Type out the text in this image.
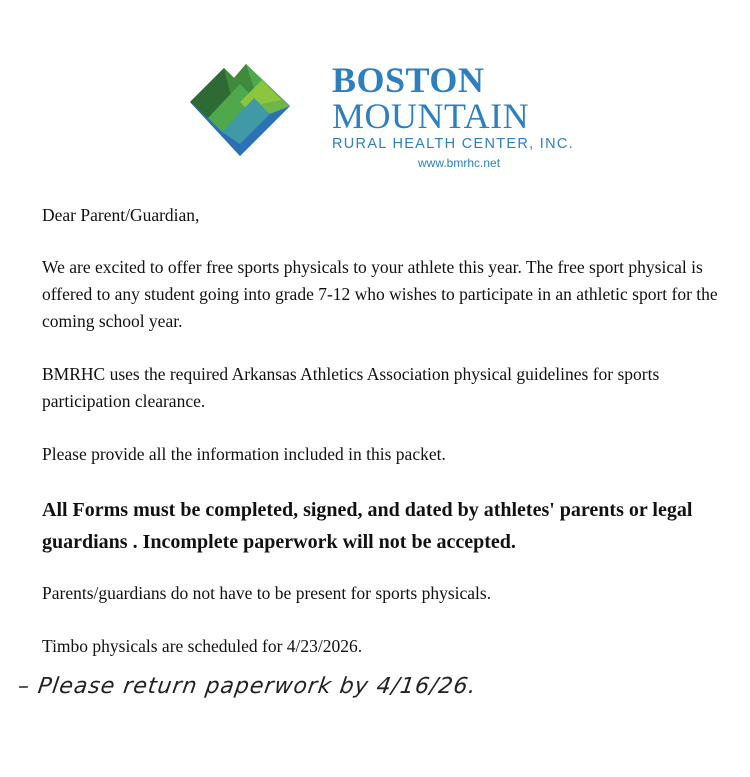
BOSTON
MOUNTAIN
RURAL HEALTH CENTER, INC.
www.bmrhc.net

Dear Parent/Guardian,

We are excited to offer free sports physicals to your athlete this year. The free sport physical is offered to any student going into grade 7-12 who wishes to participate in an athletic sport for the coming school year.

BMRHC uses the required Arkansas Athletics Association physical guidelines for sports participation clearance.

Please provide all the information included in this packet.

All Forms must be completed, signed, and dated by athletes' parents or legal guardians . Incomplete paperwork will not be accepted.

Parents/guardians do not have to be present for sports physicals.

Timbo physicals are scheduled for 4/23/2026.

– Please return paperwork by 4/16/26.
